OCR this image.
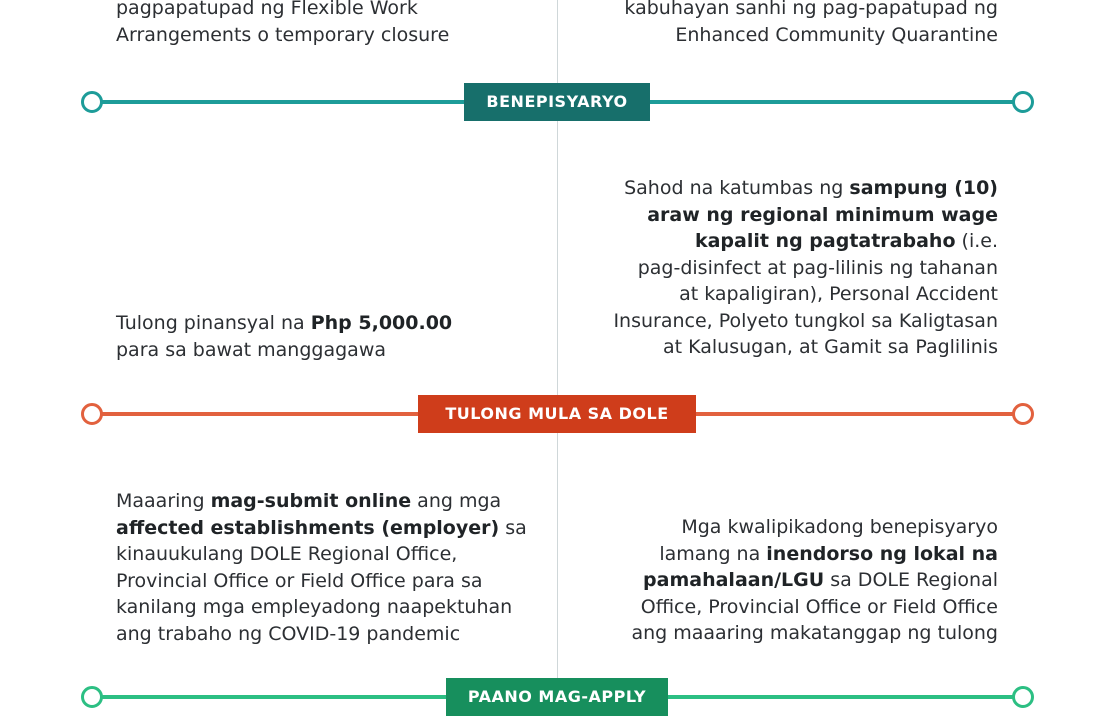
pagpapatupad ng Flexible Work
Arrangements o temporary closure
kabuhayan sanhi ng pag-papatupad ng
Enhanced Community Quarantine
BENEPISYARYO
Tulong pinansyal na Php 5,000.00
para sa bawat manggagawa
Sahod na katumbas ng sampung (10)
araw ng regional minimum wage
kapalit ng pagtatrabaho (i.e.
pag-disinfect at pag-lilinis ng tahanan
at kapaligiran), Personal Accident
Insurance, Polyeto tungkol sa Kaligtasan
at Kalusugan, at Gamit sa Paglilinis
TULONG MULA SA DOLE
Maaaring mag-submit online ang mga
affected establishments (employer) sa
kinauukulang DOLE Regional Office,
Provincial Office or Field Office para sa
kanilang mga empleyadong naapektuhan
ang trabaho ng COVID-19 pandemic
Mga kwalipikadong benepisyaryo
lamang na inendorso ng lokal na
pamahalaan/LGU sa DOLE Regional
Office, Provincial Office or Field Office
ang maaaring makatanggap ng tulong
PAANO MAG-APPLY
